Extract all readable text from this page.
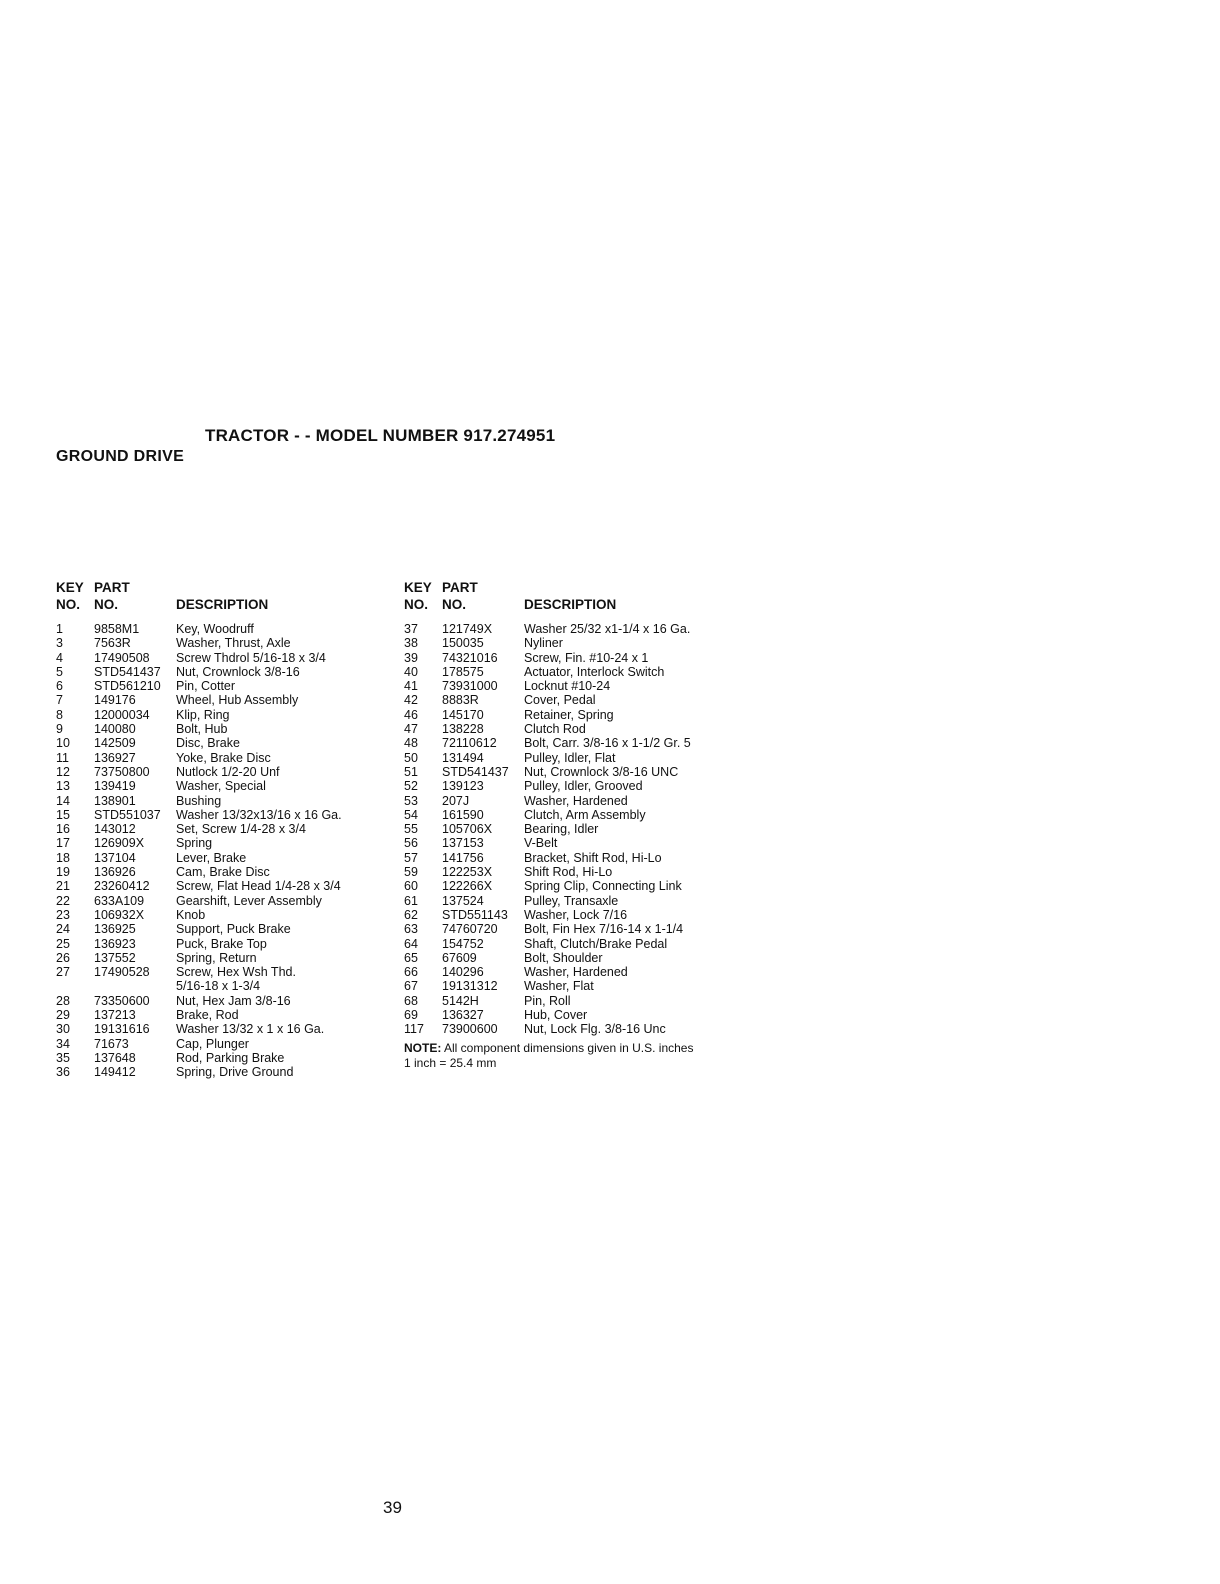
TRACTOR - - MODEL NUMBER 917.274951
GROUND DRIVE
KEY PART
NO. NO.	DESCRIPTION
1 9858M1	Key, Woodruff
3 7563R	Washer, Thrust, Axle
4 17490508 Screw Thdrol 5/16-18 x 3/4
5 STD541437 Nut, Crownlock 3/8-16
6 STD561210 Pin, Cotter
7 149176	Wheel, Hub Assembly
8 12000034 Klip, Ring
9 140080	Bolt, Hub
10 142509	Disc, Brake
11 136927	Yoke, Brake Disc
12 73750800 Nutlock 1/2-20 Unf
13 139419	Washer, Special
14 138901	Bushing
15 STD551037 Washer 13/32x13/16 x 16 Ga.
16 143012	Set, Screw 1/4-28 x 3/4
17 126909X	Spring
18 137104	Lever, Brake
19 136926	Cam, Brake Disc
21 23260412 Screw, Flat Head 1/4-28 x 3/4
22 633A109	Gearshift, Lever Assembly
23 106932X	Knob
24 136925	Support, Puck Brake
25 136923	Puck, Brake Top
26 137552	Spring, Return
27 17490528 Screw, Hex Wsh Thd.
5/16-18 x 1-3/4
28 73350600 Nut, Hex Jam 3/8-16
29 137213	Brake, Rod
30 19131616 Washer 13/32 x 1 x 16 Ga.
34 71673	Cap, Plunger
35 137648	Rod, Parking Brake
36 149412	Spring, Drive Ground
KEY PART
NO. NO.	DESCRIPTION
37 121749X	Washer 25/32 x1-1/4 x 16 Ga.
38 150035	Nyliner
39 74321016 Screw, Fin. #10-24 x 1
40 178575	Actuator, Interlock Switch
41 73931000 Locknut #10-24
42 8883R	Cover, Pedal
46 145170	Retainer, Spring
47 138228	Clutch Rod
48 72110612 Bolt, Carr. 3/8-16 x 1-1/2 Gr. 5
50 131494	Pulley, Idler, Flat
51 STD541437 Nut, Crownlock 3/8-16 UNC
52 139123	Pulley, Idler, Grooved
53 207J	Washer, Hardened
54 161590	Clutch, Arm Assembly
55 105706X	Bearing, Idler
56 137153	V-Belt
57 141756	Bracket, Shift Rod, Hi-Lo
59 122253X	Shift Rod, Hi-Lo
60 122266X	Spring Clip, Connecting Link
61 137524	Pulley, Transaxle
62 STD551143 Washer, Lock 7/16
63 74760720 Bolt, Fin Hex 7/16-14 x 1-1/4
64 154752	Shaft, Clutch/Brake Pedal
65 67609	Bolt, Shoulder
66 140296	Washer, Hardened
67 19131312 Washer, Flat
68 5142H	Pin, Roll
69 136327	Hub, Cover
117 73900600 Nut, Lock Flg. 3/8-16 Unc
NOTE: All component dimensions given in U.S. inches
1 inch = 25.4 mm
39
